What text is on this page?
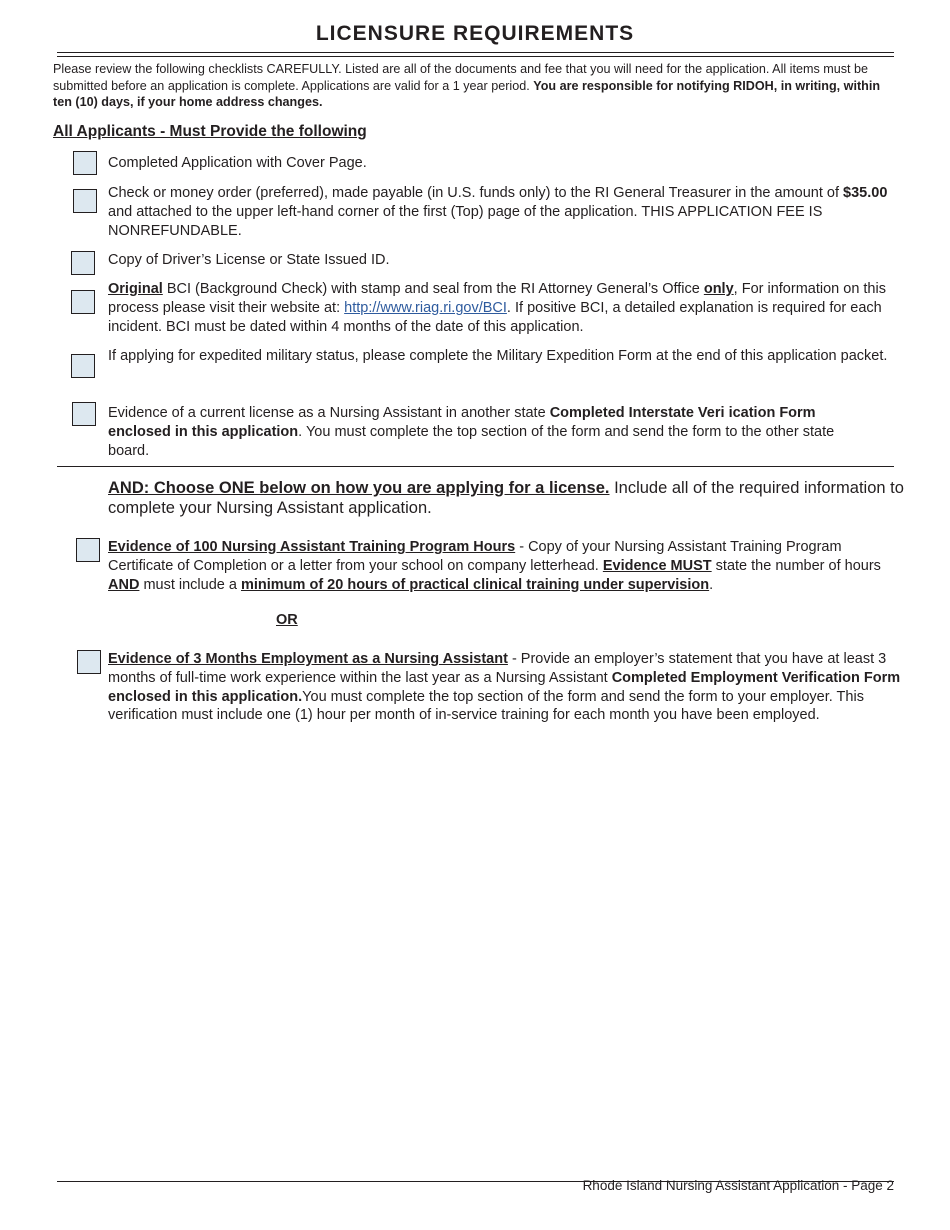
LICENSURE REQUIREMENTS
Please review the following checklists CAREFULLY. Listed are all of the documents and fee that you will need for the application. All items must be submitted before an application is complete. Applications are valid for a 1 year period. You are responsible for notifying RIDOH, in writing, within ten (10) days, if your home address changes.
All Applicants - Must Provide the following
Completed Application with Cover Page.
Check or money order (preferred), made payable (in U.S. funds only) to the RI General Treasurer in the amount of $35.00 and attached to the upper left-hand corner of the first (Top) page of the application. THIS APPLICATION FEE IS NONREFUNDABLE.
Copy of Driver’s License or State Issued ID.
Original BCI (Background Check) with stamp and seal from the RI Attorney General’s Office only, For information on this process please visit their website at: http://www.riag.ri.gov/BCI. If positive BCI, a detailed explanation is required for each incident. BCI must be dated within 4 months of the date of this application.
If applying for expedited military status, please complete the Military Expedition Form at the end of this application packet.
Evidence of a current license as a Nursing Assistant in another state Completed Interstate Veri ication Form enclosed in this application. You must complete the top section of the form and send the form to the other state board.
AND: Choose ONE below on how you are applying for a license. Include all of the required information to complete your Nursing Assistant application.
Evidence of 100 Nursing Assistant Training Program Hours - Copy of your Nursing Assistant Training Program Certificate of Completion or a letter from your school on company letterhead. Evidence MUST state the number of hours AND must include a minimum of 20 hours of practical clinical training under supervision.
OR
Evidence of 3 Months Employment as a Nursing Assistant - Provide an employer’s statement that you have at least 3 months of full-time work experience within the last year as a Nursing Assistant Completed Employment Verification Form enclosed in this application.You must complete the top section of the form and send the form to your employer. This verification must include one (1) hour per month of in-service training for each month you have been employed.
Rhode Island Nursing Assistant Application - Page 2
